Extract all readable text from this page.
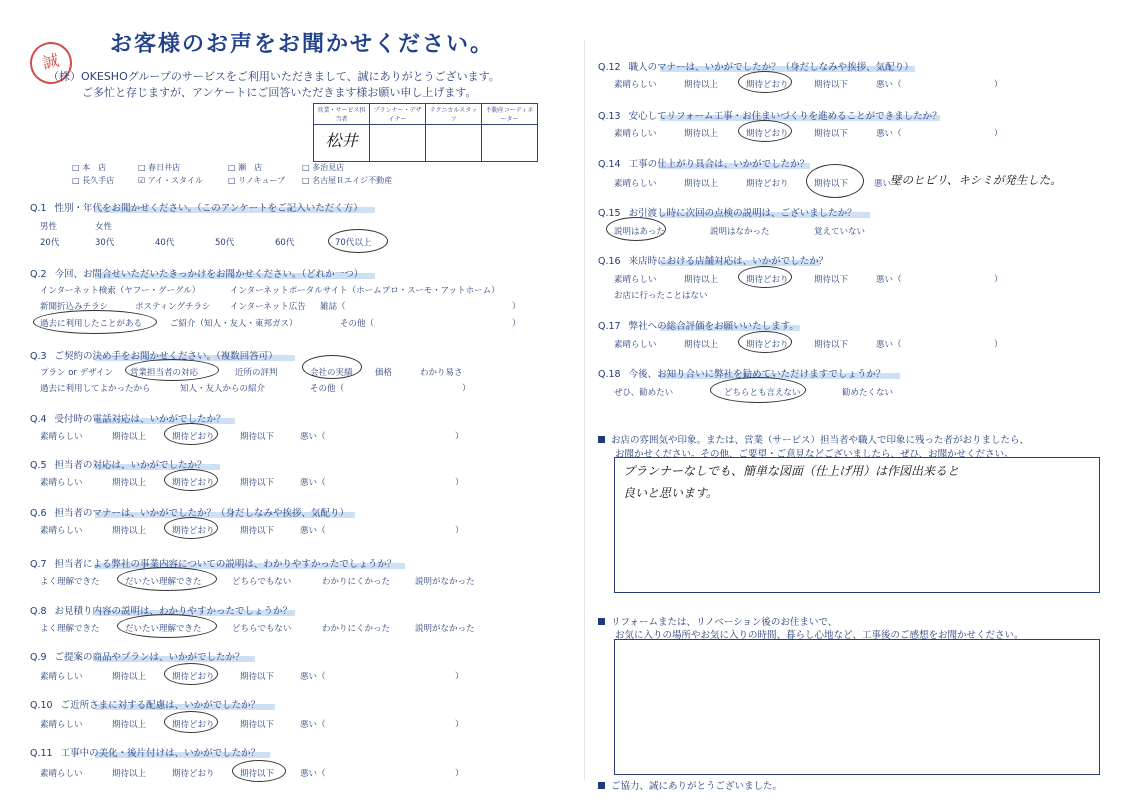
誠
お客様のお声をお聞かせください。
（株）OKESHOグループのサービスをご利用いただきまして、誠にありがとうございます。
ご多忙と存じますが、アンケートにご回答いただきます様お願い申し上げます。
営業・サービス担当者	プランナー・デザイナー	テクニカルスタッフ	不動産コーディネーター
松井			
□ 本　店	□ 春日井店	□ 瀬　店	□ 多治見店
□ 長久手店	☑ アイ・スタイル	□ リノキューブ □ 名古屋Ｒエイジ不動産
Q.1 性別・年代をお聞かせください。（このアンケートをご記入いただく方）
男性	女性
20代	30代	40代	50代	60代	70代以上
Q.2 今回、お問合せいただいたきっかけをお聞かせください。（どれか一つ）
インターネット検索（ヤフー・グーグル）	インターネットポータルサイト（ホームプロ・スーモ・アットホーム）
新聞折込みチラシ	ポスティングチラシ インターネット広告 雑誌（	）
過去に利用したことがある	ご紹介（知人・友人・東邦ガス）	その他（	）
Q.3 ご契約の決め手をお聞かせください。（複数回答可）
プラン or デザイン 営業担当者の対応	近所の評判	会社の実績	価格	わかり易さ
過去に利用してよかったから	知人・友人からの紹介	その他（	）
Q.4 受付時の電話対応は、いかがでしたか？
素晴らしい	期待以上	期待どおり	期待以下	悪い（	）
Q.5 担当者の対応は、いかがでしたか？
素晴らしい	期待以上	期待どおり	期待以下	悪い（	）
Q.6 担当者のマナーは、いかがでしたか？（身だしなみや挨拶、気配り）
素晴らしい	期待以上	期待どおり	期待以下	悪い（	）
Q.7 担当者による弊社の事業内容についての説明は、わかりやすかったでしょうか？
よく理解できた	だいたい理解できた	どちらでもない	わかりにくかった	説明がなかった
Q.8 お見積り内容の説明は、わかりやすかったでしょうか？
よく理解できた	だいたい理解できた	どちらでもない	わかりにくかった	説明がなかった
Q.9 ご提案の商品やプランは、いかがでしたか？
素晴らしい	期待以上	期待どおり	期待以下	悪い（	）
Q.10 ご近所さまに対する配慮は、いかがでしたか？
素晴らしい	期待以上	期待どおり	期待以下	悪い（	）
Q.11 工事中の美化・後片付けは、いかがでしたか？
素晴らしい	期待以上	期待どおり	期待以下	悪い（	）
Q.12 職人のマナーは、いかがでしたか？（身だしなみや挨拶、気配り）
素晴らしい	期待以上	期待どおり	期待以下	悪い（	）
Q.13 安心してリフォーム工事・お住まいづくりを進めることができましたか？
素晴らしい	期待以上	期待どおり	期待以下	悪い（	）
Q.14 工事の仕上がり具合は、いかがでしたか？
素晴らしい	期待以上	期待どおり	期待以下	悪い（
壁のヒビリ、キシミが発生した。
Q.15 お引渡し時に次回の点検の説明は、ございましたか？
説明はあった	説明はなかった	覚えていない
Q.16 来店時における店舗対応は、いかがでしたか？
素晴らしい	期待以上	期待どおり	期待以下	悪い（	）
お店に行ったことはない
Q.17 弊社への総合評価をお願いいたします。
素晴らしい	期待以上	期待どおり	期待以下	悪い（	）
Q.18 今後、お知り合いに弊社を勧めていただけますでしょうか？
ぜひ、勧めたい	どちらとも言えない	勧めたくない
お店の雰囲気や印象。または、営業（サービス）担当者や職人で印象に残った者がおりましたら、
お聞かせください。その他、ご要望・ご意見などございましたら、ぜひ、お聞かせください。
プランナーなしでも、簡単な図面（仕上げ用）は作図出来ると
良いと思います。
リフォームまたは、リノベーション後のお住まいで、
お気に入りの場所やお気に入りの時間、暮らし心地など、工事後のご感想をお聞かせください。
ご協力、誠にありがとうございました。
